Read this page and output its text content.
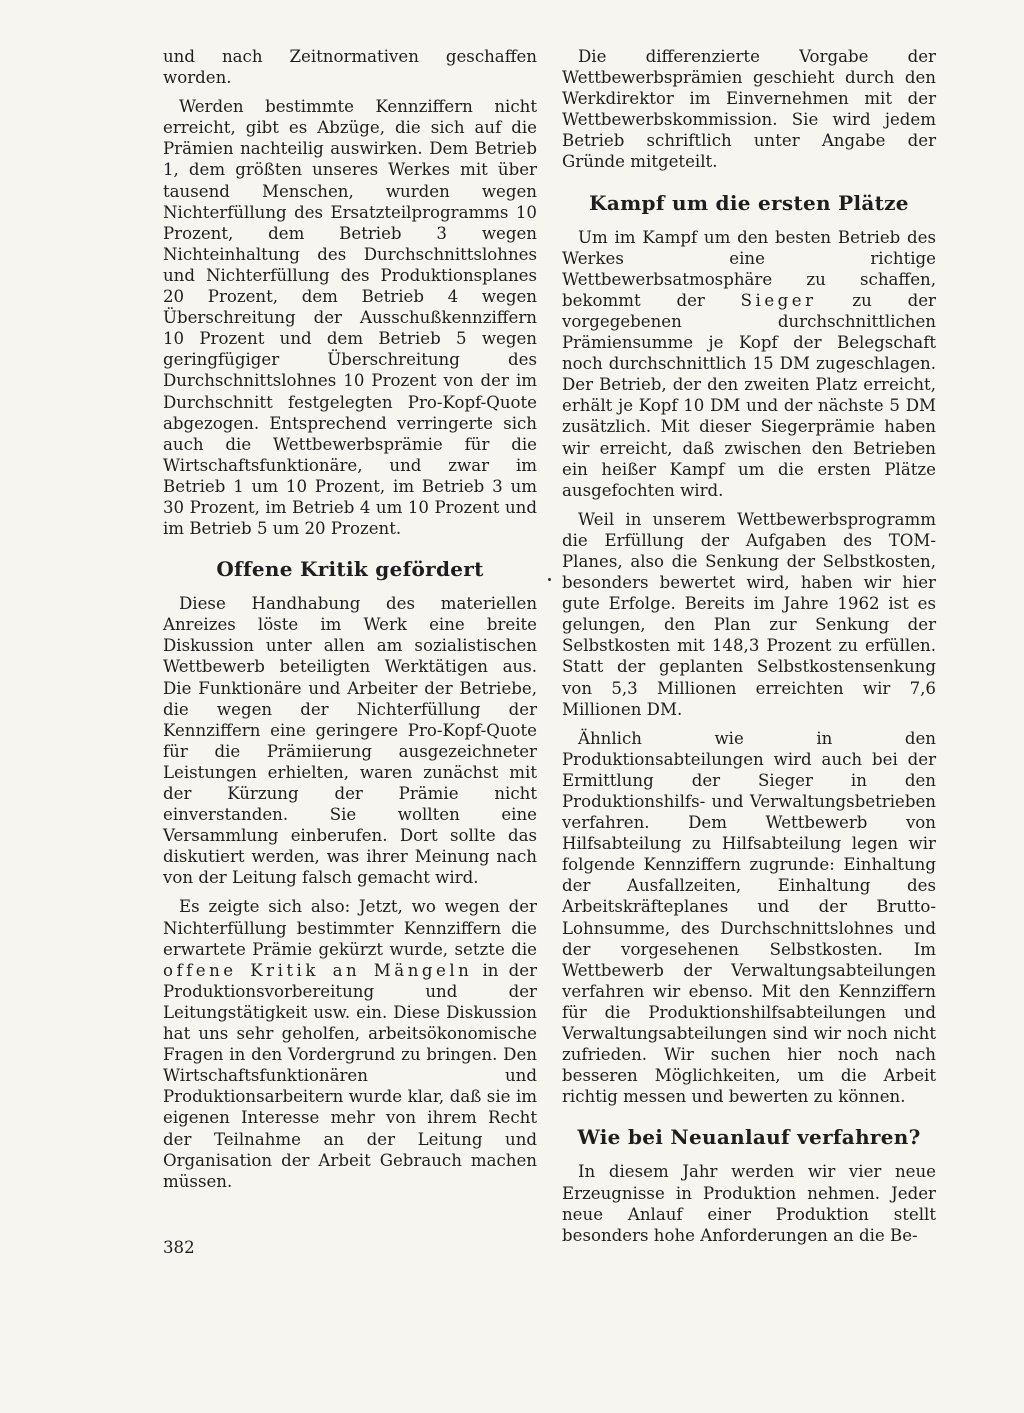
und nach Zeitnormativen geschaffen worden.

Werden bestimmte Kennziffern nicht erreicht, gibt es Abzüge, die sich auf die Prämien nachteilig auswirken. Dem Betrieb 1, dem größten unseres Werkes mit über tausend Menschen, wurden wegen Nichterfüllung des Ersatzteilprogramms 10 Prozent, dem Betrieb 3 wegen Nichteinhaltung des Durchschnittslohnes und Nichterfüllung des Produktionsplanes 20 Prozent, dem Betrieb 4 wegen Überschreitung der Ausschußkennziffern 10 Prozent und dem Betrieb 5 wegen geringfügiger Überschreitung des Durchschnittslohnes 10 Prozent von der im Durchschnitt festgelegten Pro-Kopf-Quote abgezogen. Entsprechend verringerte sich auch die Wettbewerbsprämie für die Wirtschaftsfunktionäre, und zwar im Betrieb 1 um 10 Prozent, im Betrieb 3 um 30 Prozent, im Betrieb 4 um 10 Prozent und im Betrieb 5 um 20 Prozent.

Offene Kritik gefördert

Diese Handhabung des materiellen Anreizes löste im Werk eine breite Diskussion unter allen am sozialistischen Wettbewerb beteiligten Werktätigen aus. Die Funktionäre und Arbeiter der Betriebe, die wegen der Nichterfüllung der Kennziffern eine geringere Pro-Kopf-Quote für die Prämiierung ausgezeichneter Leistungen erhielten, waren zunächst mit der Kürzung der Prämie nicht einverstanden. Sie wollten eine Versammlung einberufen. Dort sollte das diskutiert werden, was ihrer Meinung nach von der Leitung falsch gemacht wird.

Es zeigte sich also: Jetzt, wo wegen der Nichterfüllung bestimmter Kennziffern die erwartete Prämie gekürzt wurde, setzte die offene Kritik an Mängeln in der Produktionsvorbereitung und der Leitungstätigkeit usw. ein. Diese Diskussion hat uns sehr geholfen, arbeitsökonomische Fragen in den Vordergrund zu bringen. Den Wirtschaftsfunktionären und Produktionsarbeitern wurde klar, daß sie im eigenen Interesse mehr von ihrem Recht der Teilnahme an der Leitung und Organisation der Arbeit Gebrauch machen müssen.

Die differenzierte Vorgabe der Wettbewerbsprämien geschieht durch den Werkdirektor im Einvernehmen mit der Wettbewerbskommission. Sie wird jedem Betrieb schriftlich unter Angabe der Gründe mitgeteilt.

Kampf um die ersten Plätze

Um im Kampf um den besten Betrieb des Werkes eine richtige Wettbewerbsatmosphäre zu schaffen, bekommt der Sieger zu der vorgegebenen durchschnittlichen Prämiensumme je Kopf der Belegschaft noch durchschnittlich 15 DM zugeschlagen. Der Betrieb, der den zweiten Platz erreicht, erhält je Kopf 10 DM und der nächste 5 DM zusätzlich. Mit dieser Siegerprämie haben wir erreicht, daß zwischen den Betrieben ein heißer Kampf um die ersten Plätze ausgefochten wird.

Weil in unserem Wettbewerbsprogramm die Erfüllung der Aufgaben des TOM-Planes, also die Senkung der Selbstkosten, besonders bewertet wird, haben wir hier gute Erfolge. Bereits im Jahre 1962 ist es gelungen, den Plan zur Senkung der Selbstkosten mit 148,3 Prozent zu erfüllen. Statt der geplanten Selbstkostensenkung von 5,3 Millionen erreichten wir 7,6 Millionen DM.

Ähnlich wie in den Produktionsabteilungen wird auch bei der Ermittlung der Sieger in den Produktionshilfs- und Verwaltungsbetrieben verfahren. Dem Wettbewerb von Hilfsabteilung zu Hilfsabteilung legen wir folgende Kennziffern zugrunde: Einhaltung der Ausfallzeiten, Einhaltung des Arbeitskräfteplanes und der Brutto-Lohnsumme, des Durchschnittslohnes und der vorgesehenen Selbstkosten. Im Wettbewerb der Verwaltungsabteilungen verfahren wir ebenso. Mit den Kennziffern für die Produktionshilfsabteilungen und Verwaltungsabteilungen sind wir noch nicht zufrieden. Wir suchen hier noch nach besseren Möglichkeiten, um die Arbeit richtig messen und bewerten zu können.

Wie bei Neuanlauf verfahren?

In diesem Jahr werden wir vier neue Erzeugnisse in Produktion nehmen. Jeder neue Anlauf einer Produktion stellt besonders hohe Anforderungen an die Be-

382
